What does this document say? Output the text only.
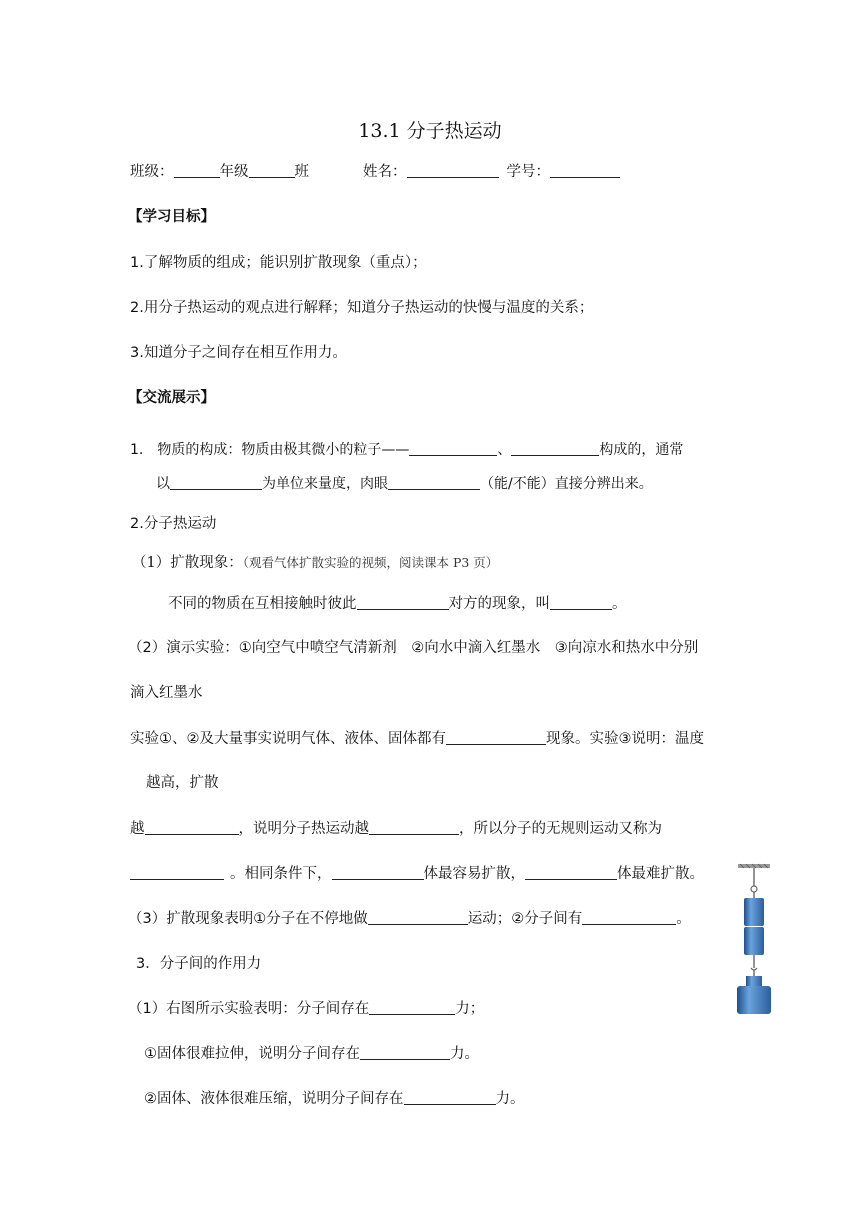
13.1 分子热运动
班级：	年级	班	姓名：	学号：
【学习目标】
1.了解物质的组成；能识别扩散现象（重点）；
2.用分子热运动的观点进行解释；知道分子热运动的快慢与温度的关系；
3.知道分子之间存在相互作用力。
【交流展示】
1. 物质的构成：物质由极其微小的粒子——	、	构成的，通常
以	为单位来量度，肉眼	（能/不能）直接分辨出来。
2.分子热运动
（1）扩散现象：（观看气体扩散实验的视频，阅读课本 P3 页）
不同的物质在互相接触时彼此	对方的现象，叫	。
（2）演示实验：①向空气中喷空气清新剂　②向水中滴入红墨水　③向凉水和热水中分别
滴入红墨水
实验①、②及大量事实说明气体、液体、固体都有	现象。实验③说明：温度
越高，扩散
越	，说明分子热运动越	，所以分子的无规则运动又称为
。相同条件下，	体最容易扩散，	体最难扩散。
（3）扩散现象表明①分子在不停地做	运动；②分子间有	。
3．分子间的作用力
（1）右图所示实验表明：分子间存在	力；
①固体很难拉伸，说明分子间存在	力。
②固体、液体很难压缩，说明分子间存在	力。
